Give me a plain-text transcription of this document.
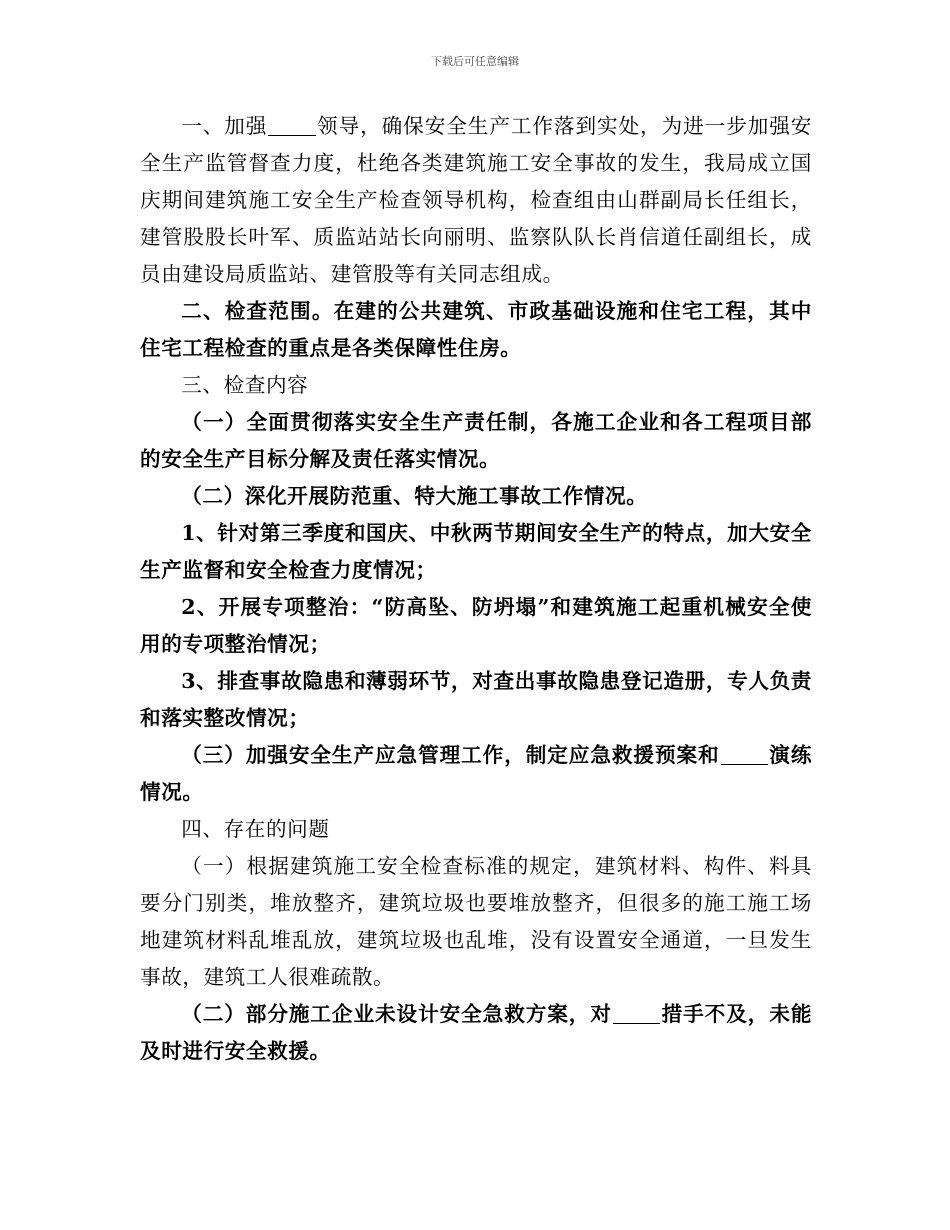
下载后可任意编辑

一、加强 领导，确保安全生产工作落到实处，为进一步加强安全生产监管督查力度，杜绝各类建筑施工安全事故的发生，我局成立国庆期间建筑施工安全生产检查领导机构，检查组由山群副局长任组长，建管股股长叶军、质监站站长向丽明、监察队队长肖信道任副组长，成员由建设局质监站、建管股等有关同志组成。

二、检查范围。在建的公共建筑、市政基础设施和住宅工程，其中住宅工程检查的重点是各类保障性住房。

三、检查内容

（一）全面贯彻落实安全生产责任制，各施工企业和各工程项目部的安全生产目标分解及责任落实情况。

（二）深化开展防范重、特大施工事故工作情况。

1、针对第三季度和国庆、中秋两节期间安全生产的特点，加大安全生产监督和安全检查力度情况；

2、开展专项整治：“防高坠、防坍塌”和建筑施工起重机械安全使用的专项整治情况；

3、排查事故隐患和薄弱环节，对查出事故隐患登记造册，专人负责和落实整改情况；

（三）加强安全生产应急管理工作，制定应急救援预案和 演练情况。

四、存在的问题

（一）根据建筑施工安全检查标准的规定，建筑材料、构件、料具要分门别类，堆放整齐，建筑垃圾也要堆放整齐，但很多的施工施工场地建筑材料乱堆乱放，建筑垃圾也乱堆，没有设置安全通道，一旦发生事故，建筑工人很难疏散。

（二）部分施工企业未设计安全急救方案，对 措手不及，未能及时进行安全救援。
